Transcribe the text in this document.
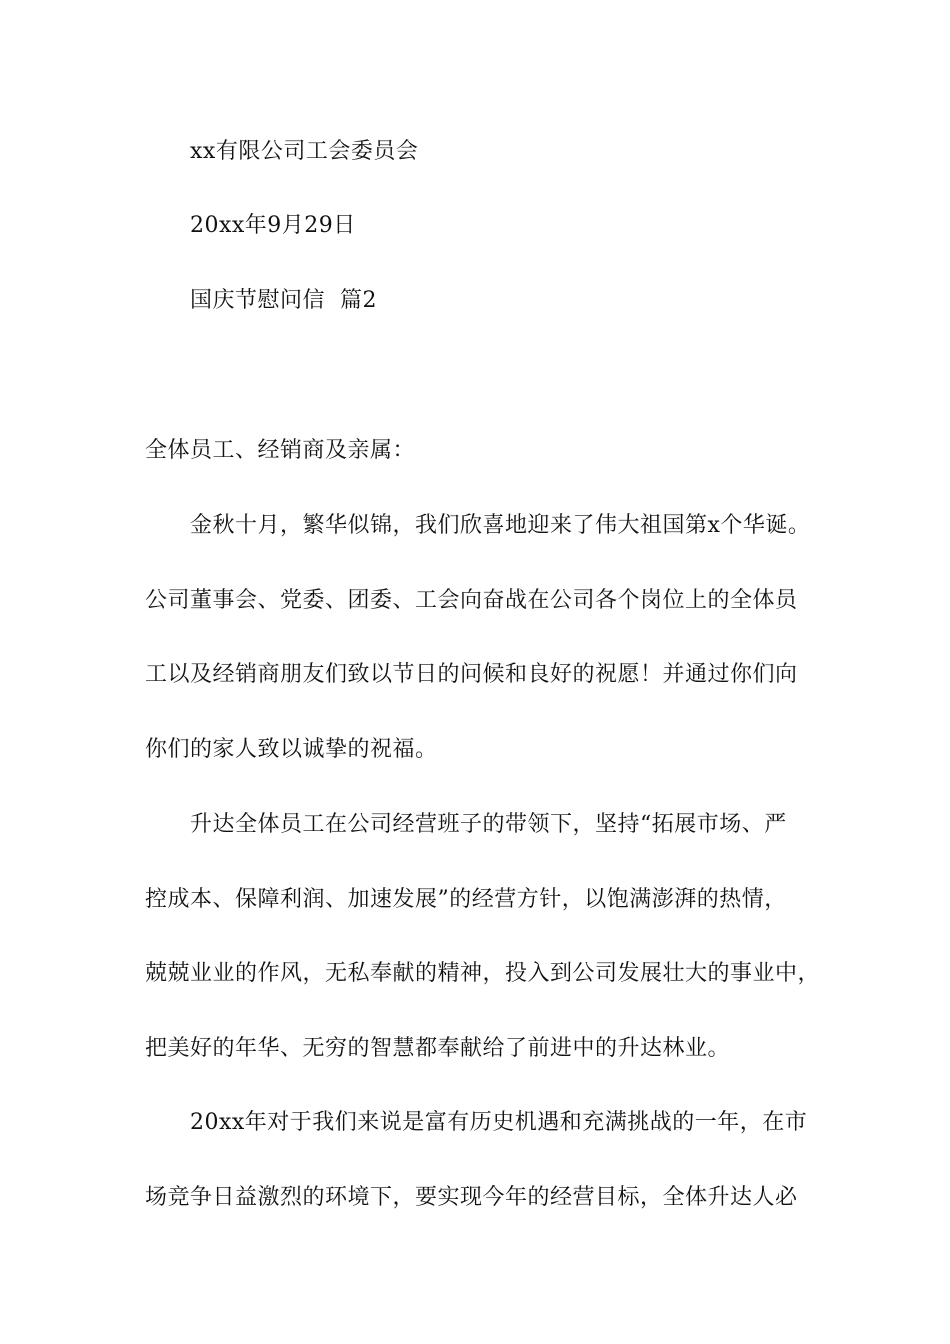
xx有限公司工会委员会
20xx年9月29日
国庆节慰问信  篇2
全体员工、经销商及亲属：
金秋十月，繁华似锦，我们欣喜地迎来了伟大祖国第x个华诞。
公司董事会、党委、团委、工会向奋战在公司各个岗位上的全体员
工以及经销商朋友们致以节日的问候和良好的祝愿！并通过你们向
你们的家人致以诚挚的祝福。
升达全体员工在公司经营班子的带领下，坚持“拓展市场、严
控成本、保障利润、加速发展”的经营方针，以饱满澎湃的热情，
兢兢业业的作风，无私奉献的精神，投入到公司发展壮大的事业中，
把美好的年华、无穷的智慧都奉献给了前进中的升达林业。
20xx年对于我们来说是富有历史机遇和充满挑战的一年，在市
场竞争日益激烈的环境下，要实现今年的经营目标，全体升达人必
